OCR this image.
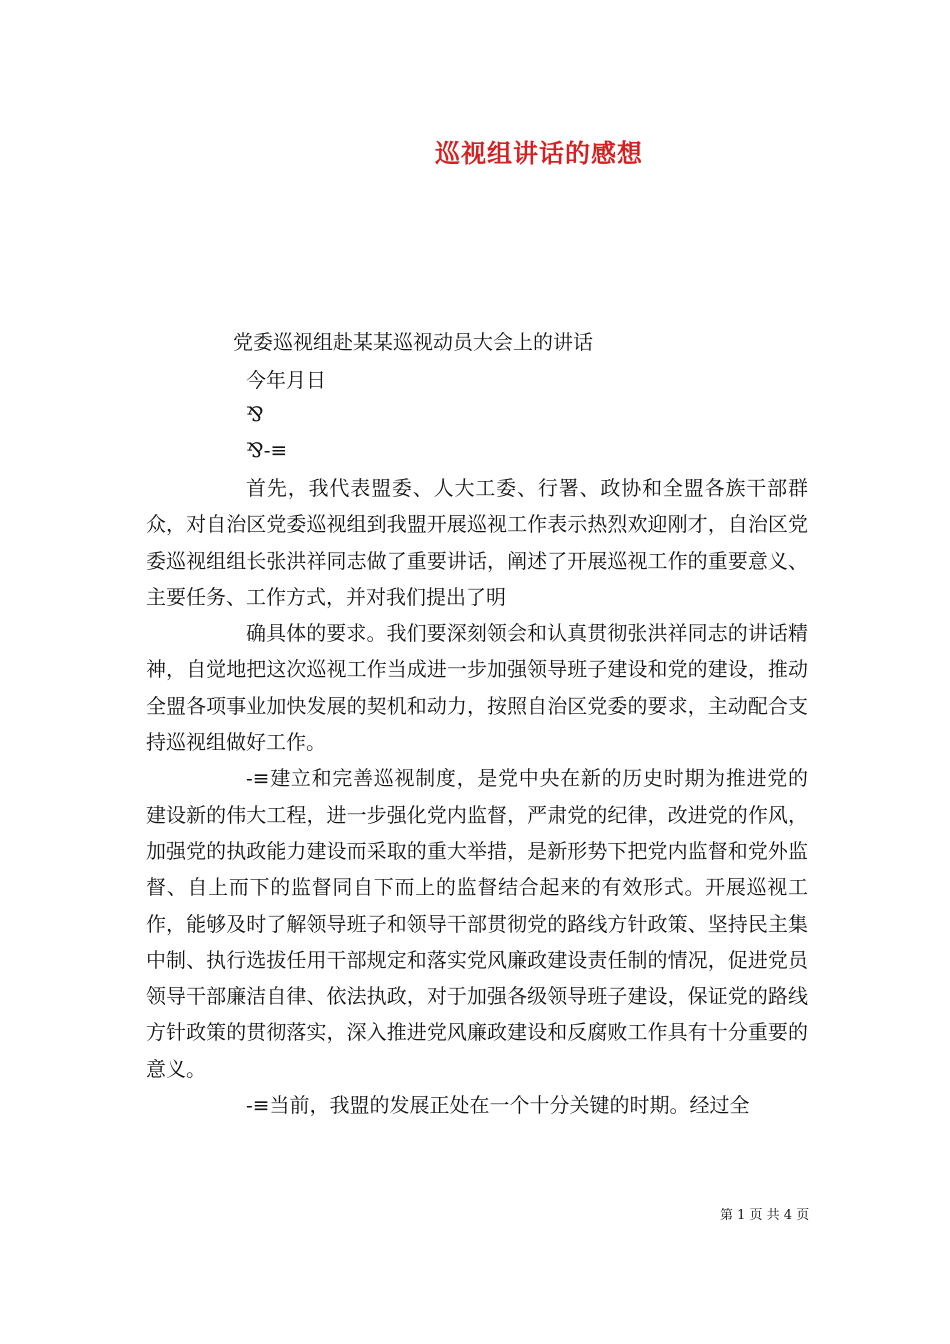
巡视组讲话的感想
党委巡视组赴某某巡视动员大会上的讲话
今年月日
⅋
⅋-≡

首先，我代表盟委、人大工委、行署、政协和全盟各族干部群众，对自治区党委巡视组到我盟开展巡视工作表示热烈欢迎刚才，自治区党委巡视组组长张洪祥同志做了重要讲话，阐述了开展巡视工作的重要意义、主要任务、工作方式，并对我们提出了明

确具体的要求。我们要深刻领会和认真贯彻张洪祥同志的讲话精神，自觉地把这次巡视工作当成进一步加强领导班子建设和党的建设，推动全盟各项事业加快发展的契机和动力，按照自治区党委的要求，主动配合支持巡视组做好工作。

-≡建立和完善巡视制度，是党中央在新的历史时期为推进党的建设新的伟大工程，进一步强化党内监督，严肃党的纪律，改进党的作风，加强党的执政能力建设而采取的重大举措，是新形势下把党内监督和党外监督、自上而下的监督同自下而上的监督结合起来的有效形式。开展巡视工作，能够及时了解领导班子和领导干部贯彻党的路线方针政策、坚持民主集中制、执行选拔任用干部规定和落实党风廉政建设责任制的情况，促进党员领导干部廉洁自律、依法执政，对于加强各级领导班子建设，保证党的路线方针政策的贯彻落实，深入推进党风廉政建设和反腐败工作具有十分重要的意义。

-≡当前，我盟的发展正处在一个十分关键的时期。经过全

第 1 页 共 4 页
